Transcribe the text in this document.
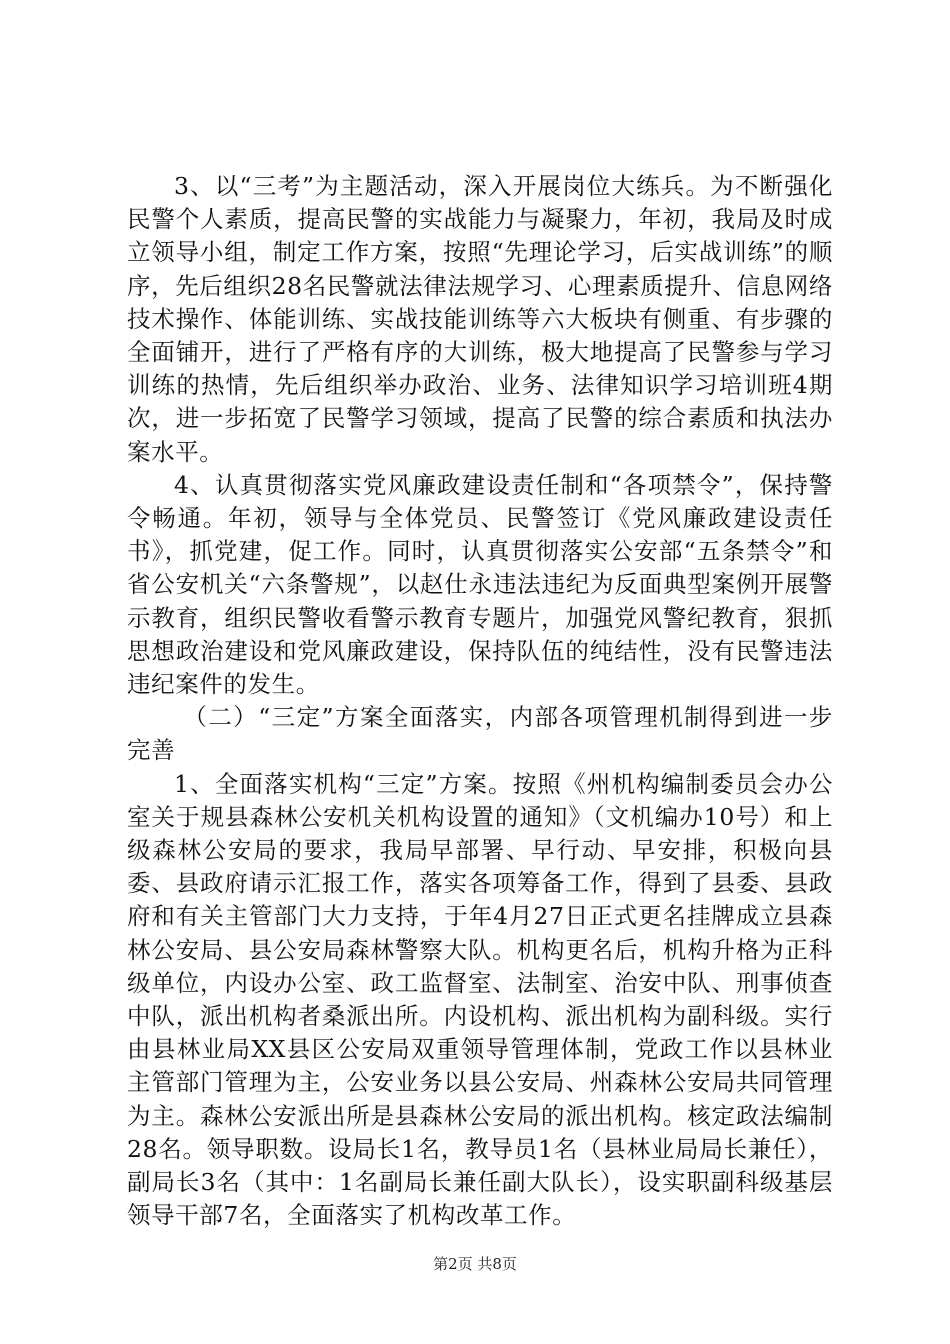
3、以“三考”为主题活动，深入开展岗位大练兵。为不断强化民警个人素质，提高民警的实战能力与凝聚力，年初，我局及时成立领导小组，制定工作方案，按照“先理论学习，后实战训练”的顺序，先后组织28名民警就法律法规学习、心理素质提升、信息网络技术操作、体能训练、实战技能训练等六大板块有侧重、有步骤的全面铺开，进行了严格有序的大训练，极大地提高了民警参与学习训练的热情，先后组织举办政治、业务、法律知识学习培训班4期次，进一步拓宽了民警学习领域，提高了民警的综合素质和执法办案水平。

4、认真贯彻落实党风廉政建设责任制和“各项禁令”，保持警令畅通。年初，领导与全体党员、民警签订《党风廉政建设责任书》，抓党建，促工作。同时，认真贯彻落实公安部“五条禁令”和省公安机关“六条警规”，以赵仕永违法违纪为反面典型案例开展警示教育，组织民警收看警示教育专题片，加强党风警纪教育，狠抓思想政治建设和党风廉政建设，保持队伍的纯结性，没有民警违法违纪案件的发生。

（二）“三定”方案全面落实，内部各项管理机制得到进一步完善

1、全面落实机构“三定”方案。按照《州机构编制委员会办公室关于规县森林公安机关机构设置的通知》（文机编办10号）和上级森林公安局的要求，我局早部署、早行动、早安排，积极向县委、县政府请示汇报工作，落实各项筹备工作，得到了县委、县政府和有关主管部门大力支持，于年4月27日正式更名挂牌成立县森林公安局、县公安局森林警察大队。机构更名后，机构升格为正科级单位，内设办公室、政工监督室、法制室、治安中队、刑事侦查中队，派出机构者桑派出所。内设机构、派出机构为副科级。实行由县林业局XX县区公安局双重领导管理体制，党政工作以县林业主管部门管理为主，公安业务以县公安局、州森林公安局共同管理为主。森林公安派出所是县森林公安局的派出机构。核定政法编制28名。领导职数。设局长1名，教导员1名（县林业局局长兼任），副局长3名（其中：1名副局长兼任副大队长），设实职副科级基层领导干部7名，全面落实了机构改革工作。

第2页 共8页
